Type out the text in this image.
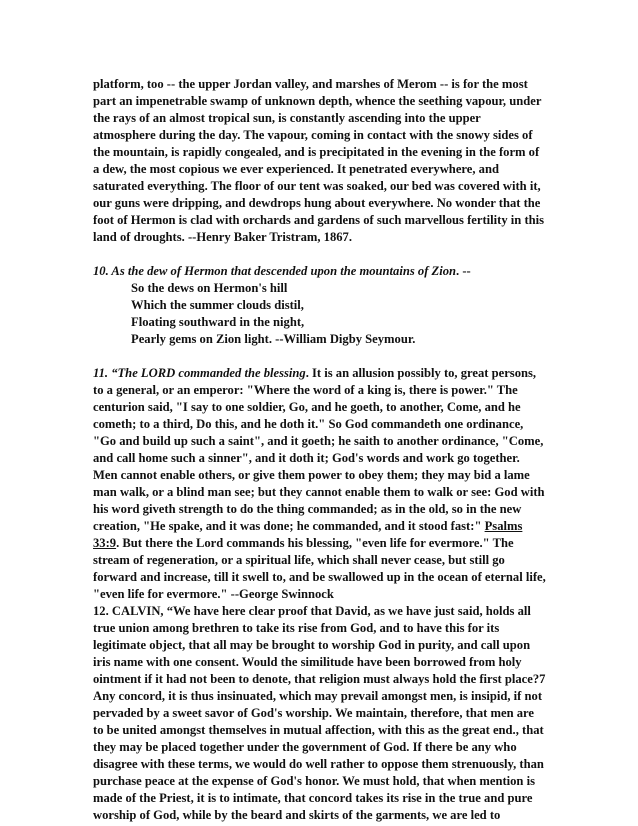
platform, too -- the upper Jordan valley, and marshes of Merom -- is for the most
part an impenetrable swamp of unknown depth, whence the seething vapour, under
the rays of an almost tropical sun, is constantly ascending into the upper
atmosphere during the day. The vapour, coming in contact with the snowy sides of
the mountain, is rapidly congealed, and is precipitated in the evening in the form of
a dew, the most copious we ever experienced. It penetrated everywhere, and
saturated everything. The floor of our tent was soaked, our bed was covered with it,
our guns were dripping, and dewdrops hung about everywhere. No wonder that the
foot of Hermon is clad with orchards and gardens of such marvellous fertility in this
land of droughts. --Henry Baker Tristram, 1867.
10. As the dew of Hermon that descended upon the mountains of Zion. --
So the dews on Hermon's hill
Which the summer clouds distil,
Floating southward in the night,
Pearly gems on Zion light. --William Digby Seymour.
11. “The LORD commanded the blessing. It is an allusion possibly to, great persons,
to a general, or an emperor: "Where the word of a king is, there is power." The
centurion said, "I say to one soldier, Go, and he goeth, to another, Come, and he
cometh; to a third, Do this, and he doth it." So God commandeth one ordinance,
"Go and build up such a saint", and it goeth; he saith to another ordinance, "Come,
and call home such a sinner", and it doth it; God's words and work go together.
Men cannot enable others, or give them power to obey them; they may bid a lame
man walk, or a blind man see; but they cannot enable them to walk or see: God with
his word giveth strength to do the thing commanded; as in the old, so in the new
creation, "He spake, and it was done; he commanded, and it stood fast:" Psalms
33:9. But there the Lord commands his blessing, "even life for evermore." The
stream of regeneration, or a spiritual life, which shall never cease, but still go
forward and increase, till it swell to, and be swallowed up in the ocean of eternal life,
"even life for evermore." --George Swinnock
12. CALVIN, “We have here clear proof that David, as we have just said, holds all
true union among brethren to take its rise from God, and to have this for its
legitimate object, that all may be brought to worship God in purity, and call upon
iris name with one consent. Would the similitude have been borrowed from holy
ointment if it had not been to denote, that religion must always hold the first place?7
Any concord, it is thus insinuated, which may prevail amongst men, is insipid, if not
pervaded by a sweet savor of God's worship. We maintain, therefore, that men are
to be united amongst themselves in mutual affection, with this as the great end., that
they may be placed together under the government of God. If there be any who
disagree with these terms, we would do well rather to oppose them strenuously, than
purchase peace at the expense of God's honor. We must hold, that when mention is
made of the Priest, it is to intimate, that concord takes its rise in the true and pure
worship of God, while by the beard and skirts of the garments, we are led to
